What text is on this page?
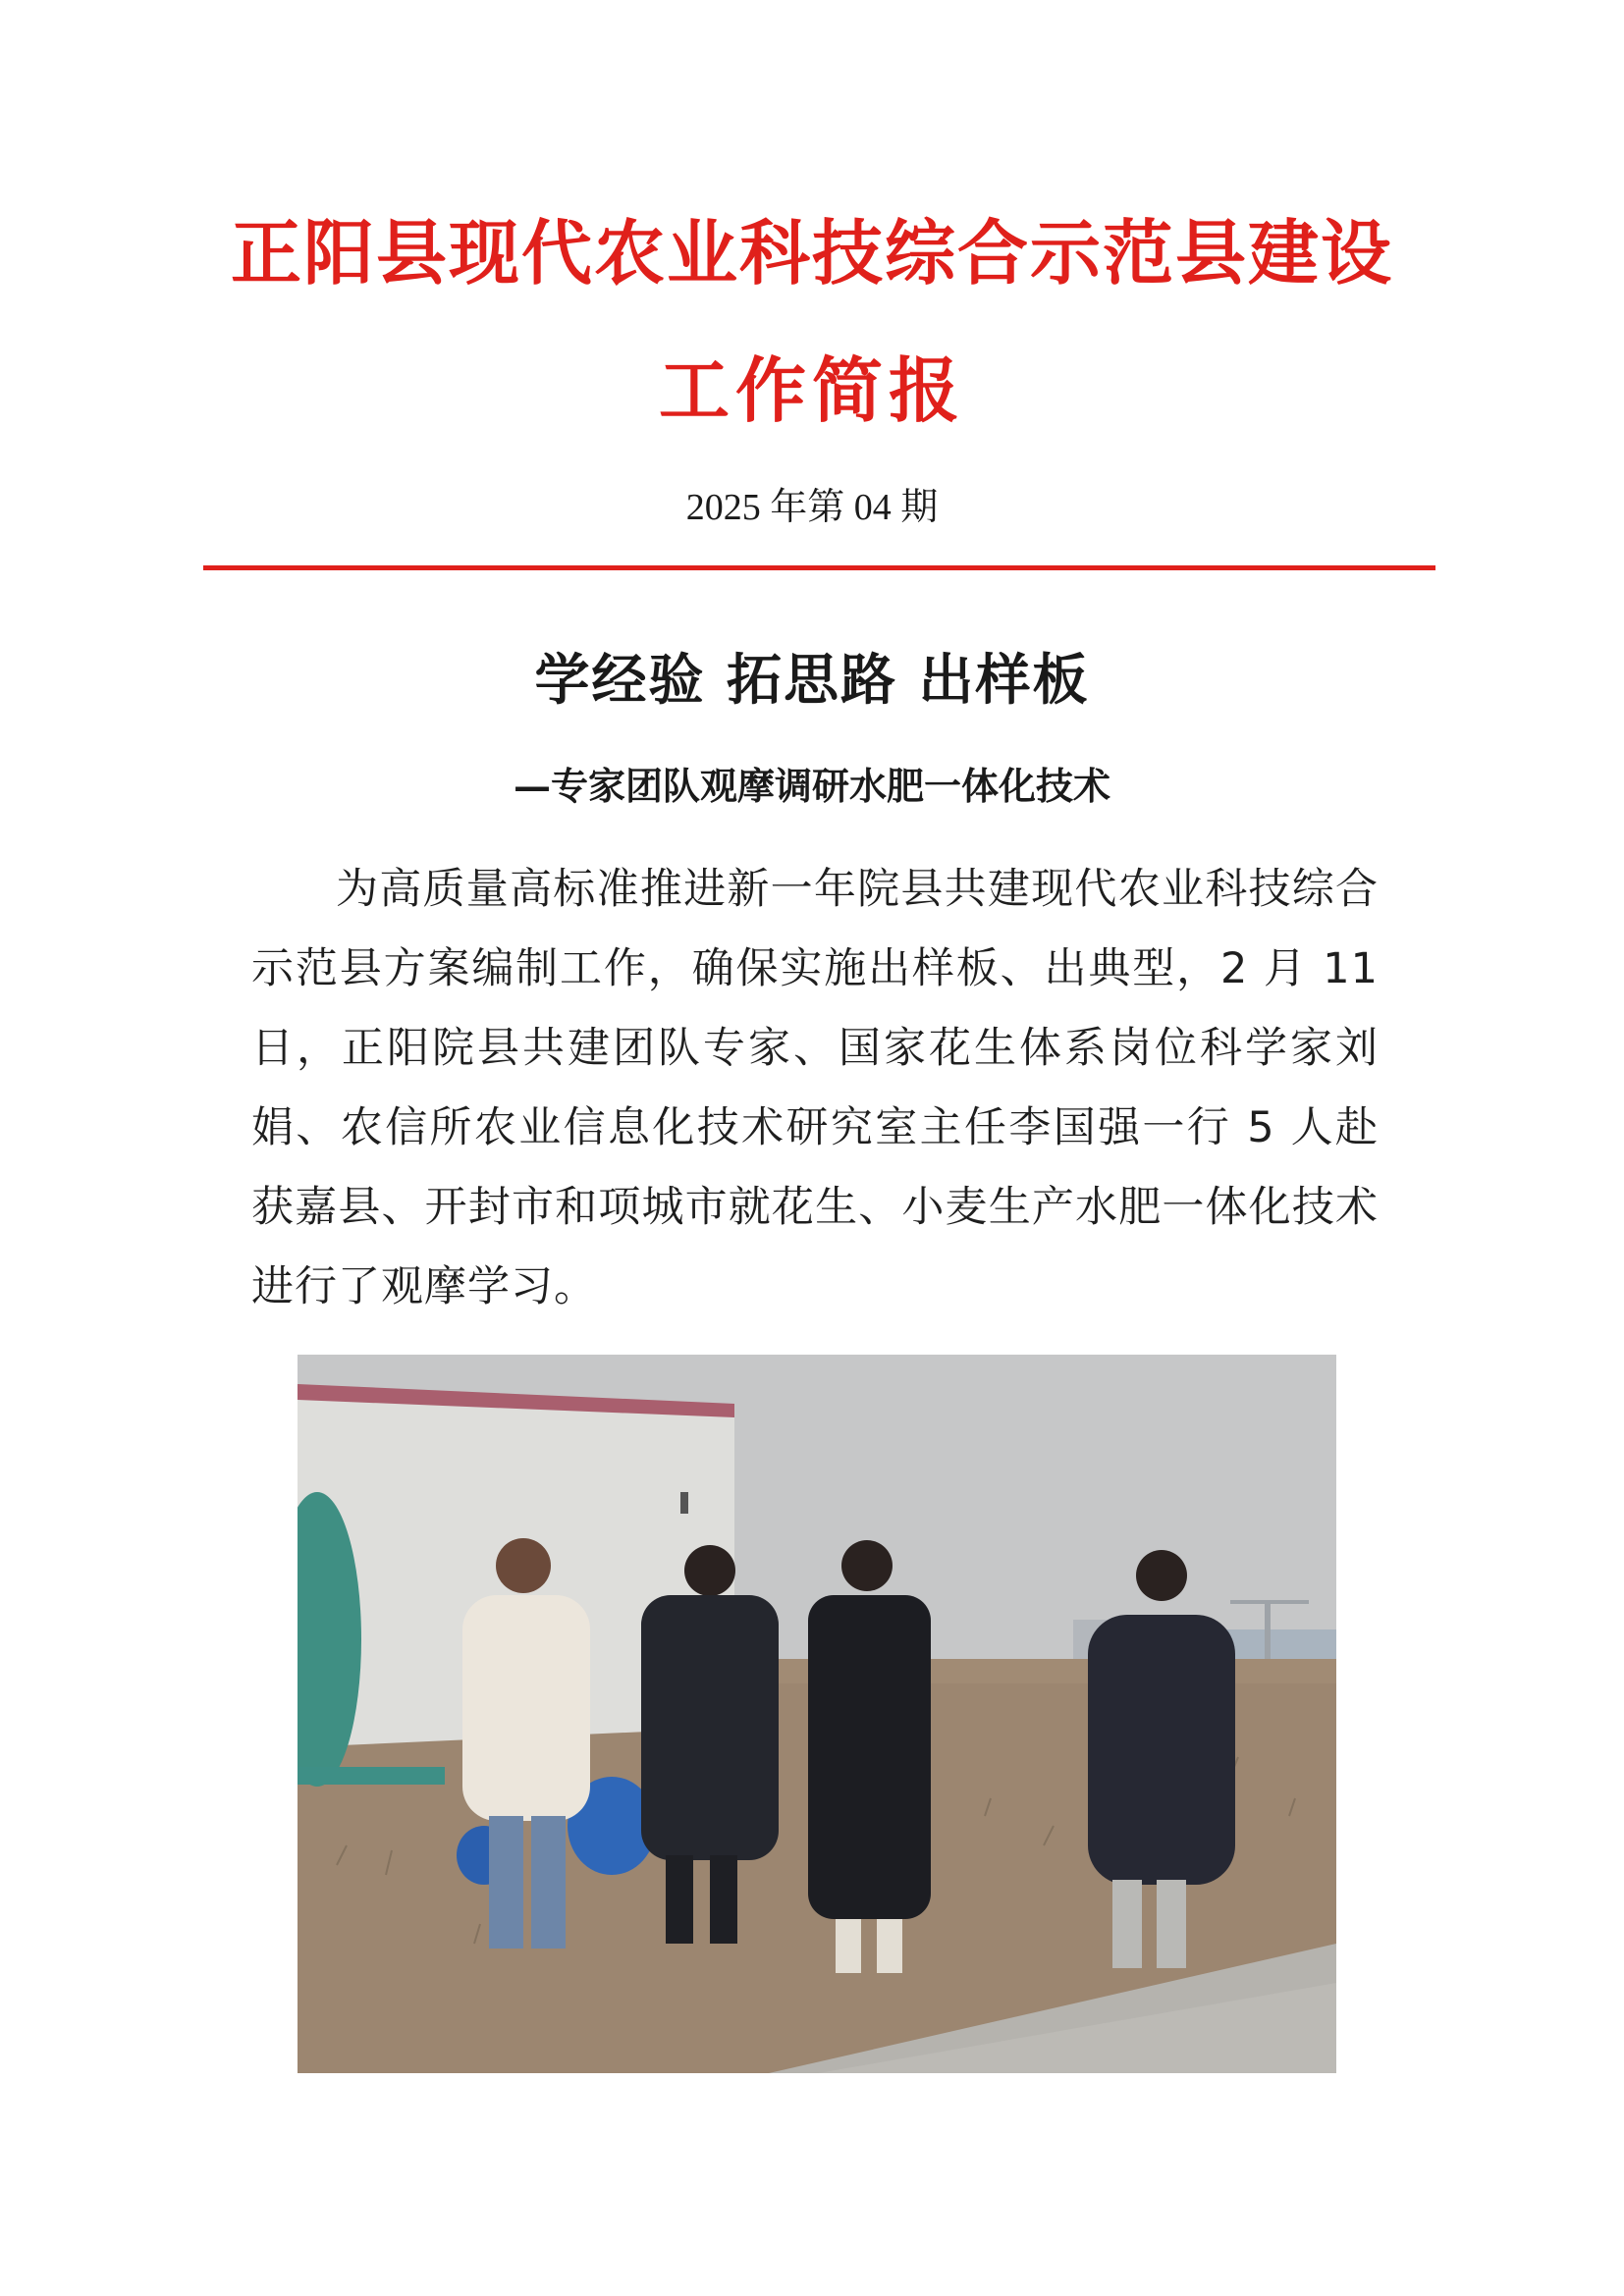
正阳县现代农业科技综合示范县建设
工作简报
2025 年第 04 期
学经验 拓思路 出样板
—专家团队观摩调研水肥一体化技术

为高质量高标准推进新一年院县共建现代农业科技综合示范县方案编制工作，确保实施出样板、出典型，2 月 11 日，正阳院县共建团队专家、国家花生体系岗位科学家刘娟、农信所农业信息化技术研究室主任李国强一行 5 人赴获嘉县、开封市和项城市就花生、小麦生产水肥一体化技术进行了观摩学习。
